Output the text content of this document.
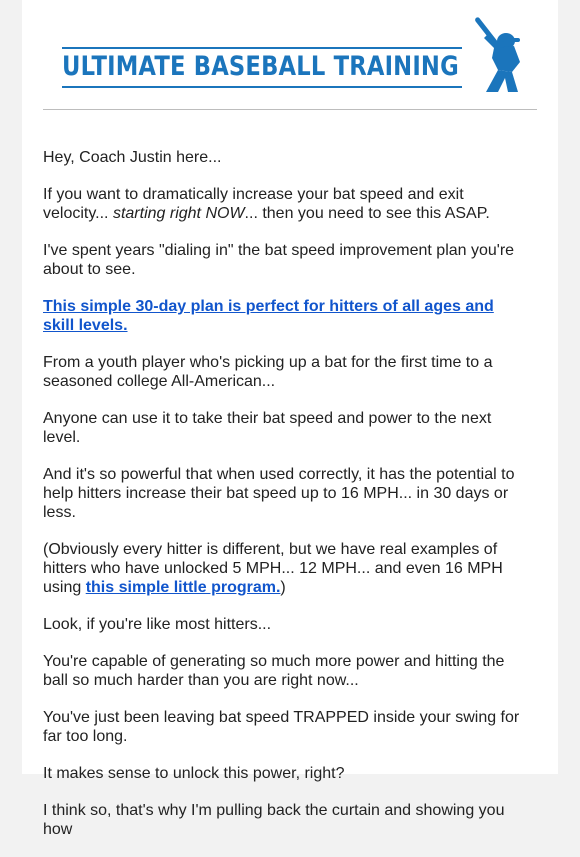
ULTIMATE BASEBALL TRAINING

Hey, Coach Justin here...

If you want to dramatically increase your bat speed and exit velocity... starting right NOW... then you need to see this ASAP.

I've spent years "dialing in" the bat speed improvement plan you're about to see.

This simple 30-day plan is perfect for hitters of all ages and skill levels.

From a youth player who's picking up a bat for the first time to a seasoned college All-American...

Anyone can use it to take their bat speed and power to the next level.

And it's so powerful that when used correctly, it has the potential to help hitters increase their bat speed up to 16 MPH... in 30 days or less.

(Obviously every hitter is different, but we have real examples of hitters who have unlocked 5 MPH... 12 MPH... and even 16 MPH using this simple little program.)

Look, if you're like most hitters...

You're capable of generating so much more power and hitting the ball so much harder than you are right now...

You've just been leaving bat speed TRAPPED inside your swing for far too long.

It makes sense to unlock this power, right?

I think so, that's why I'm pulling back the curtain and showing you how
